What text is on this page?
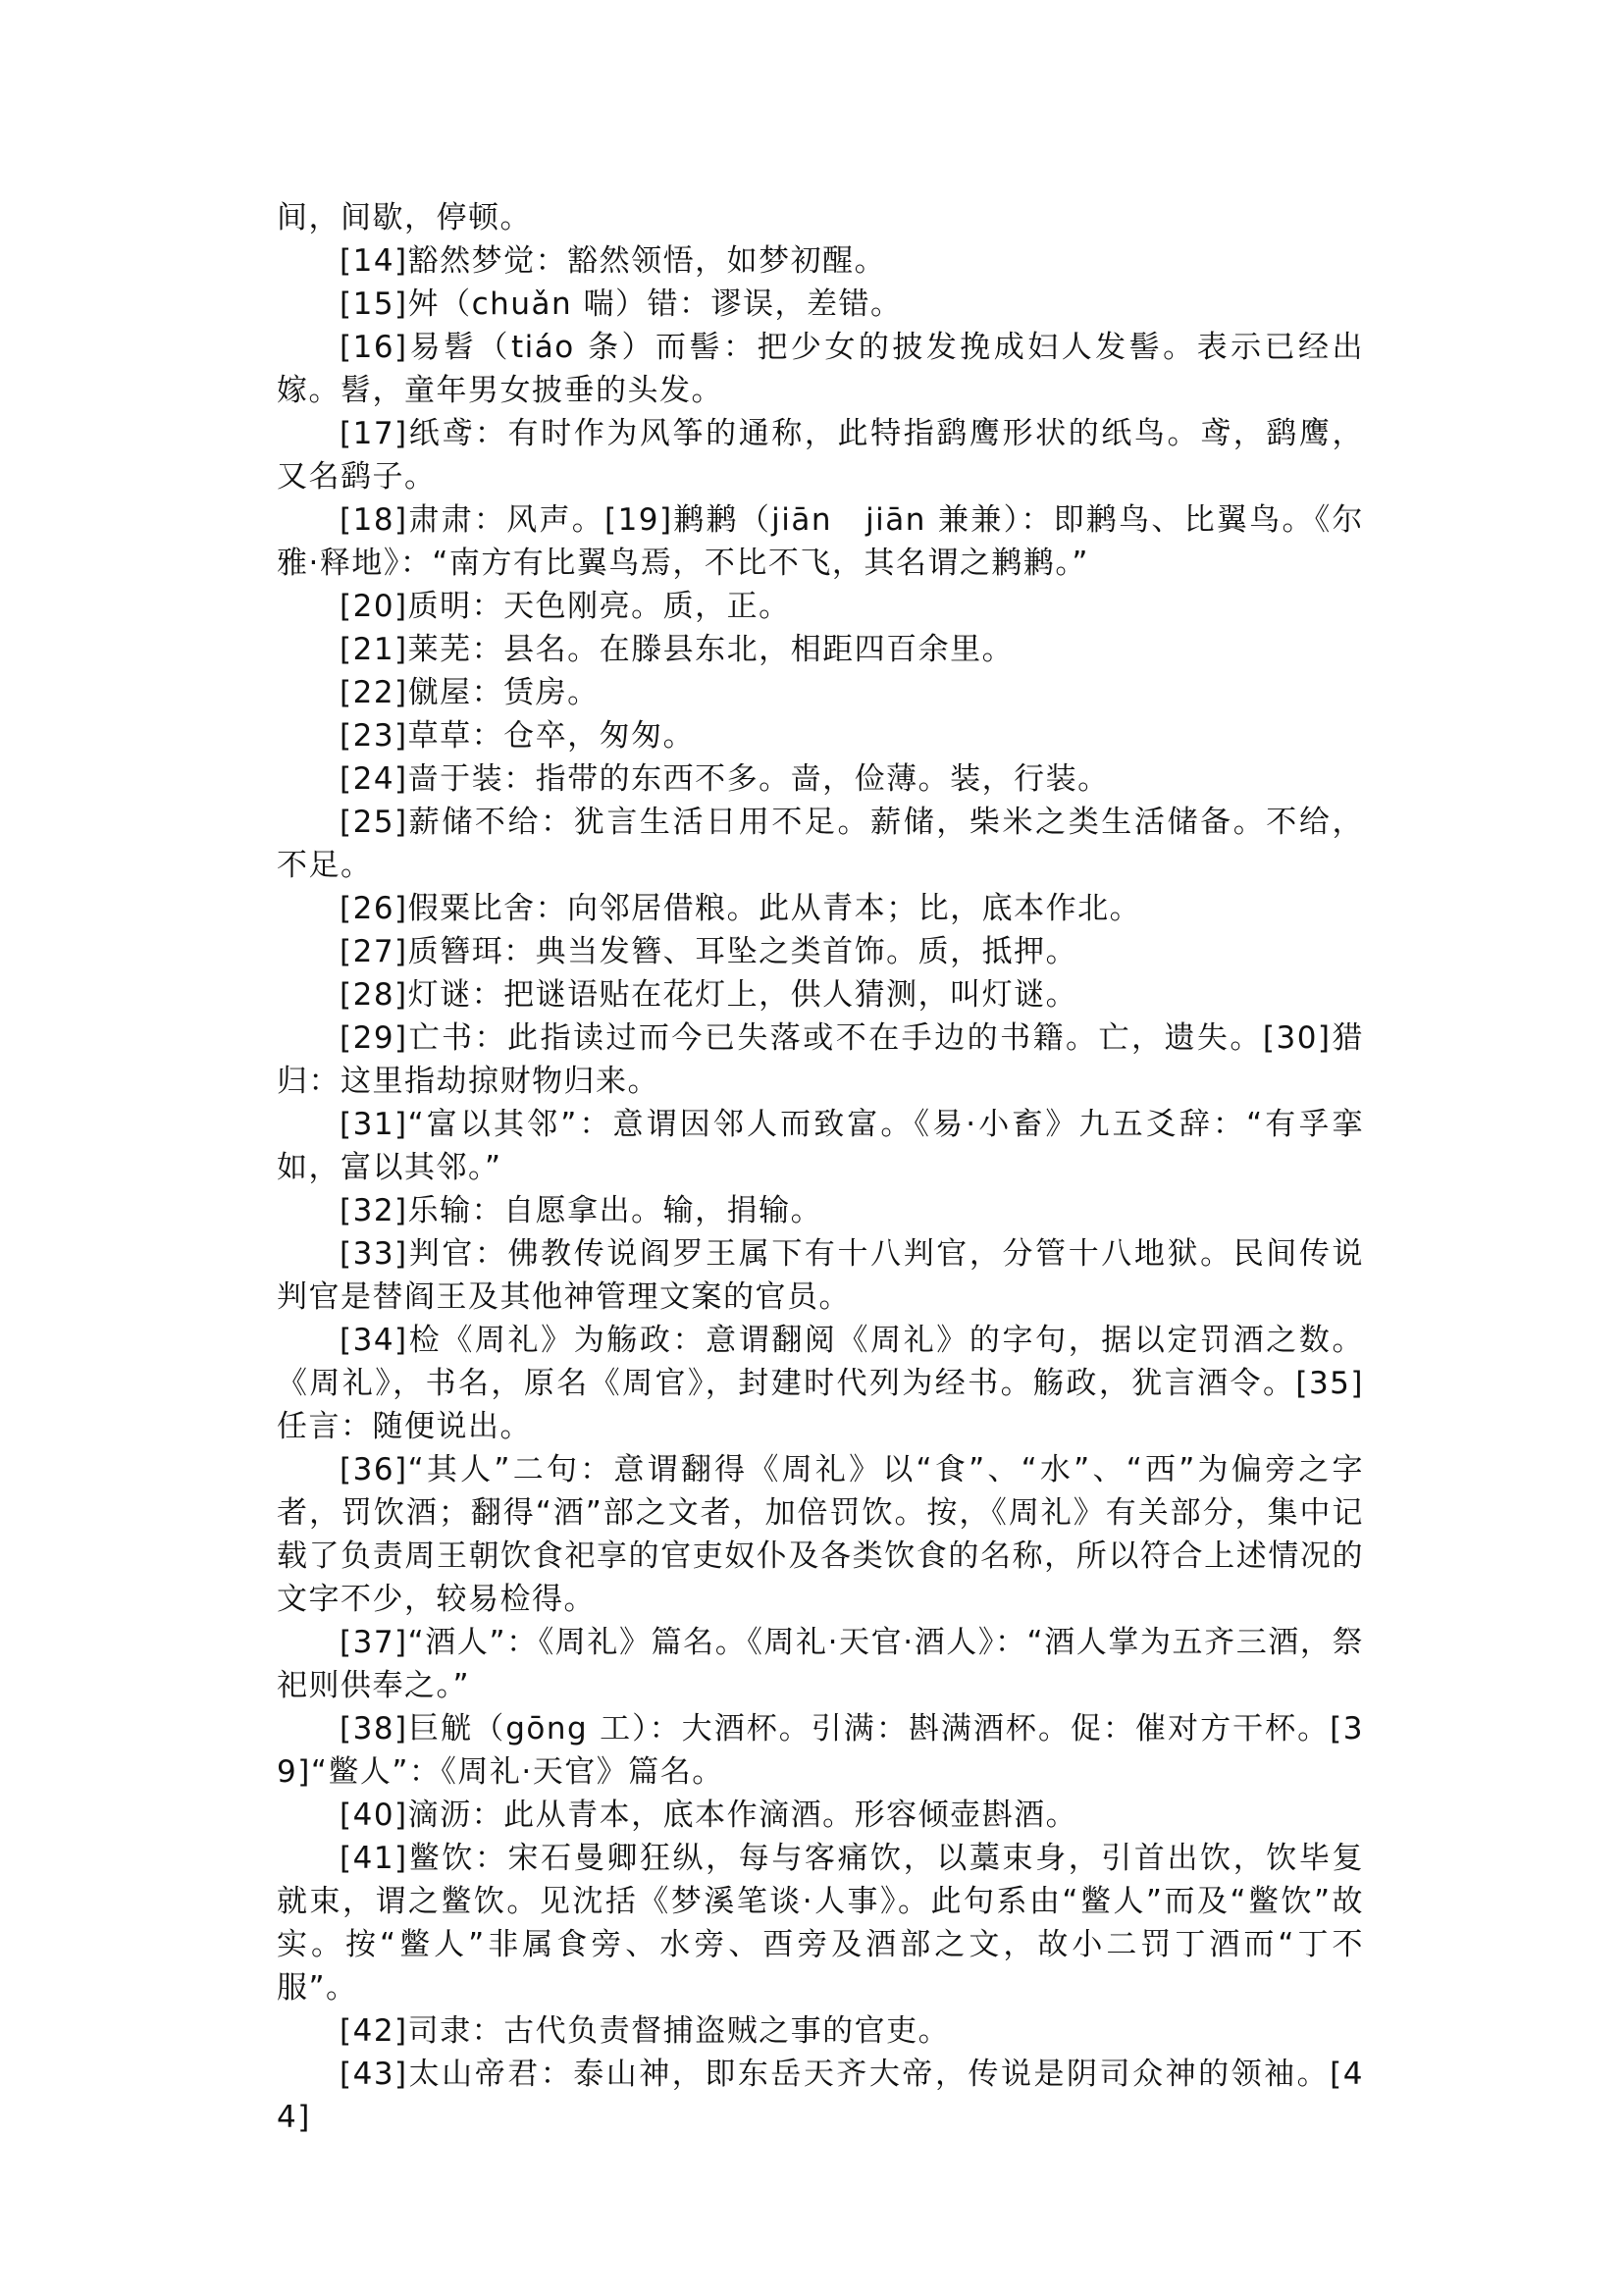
间，间歇，停顿。

[14]豁然梦觉：豁然领悟，如梦初醒。

[15]舛（chuǎn 喘）错：谬误，差错。

[16]易髫（tiáo 条）而髻：把少女的披发挽成妇人发髻。表示已经出嫁。髫，童年男女披垂的头发。

[17]纸鸢：有时作为风筝的通称，此特指鹞鹰形状的纸鸟。鸢，鹞鹰，又名鹞子。

[18]肃肃：风声。[19]鹣鹣（jiān　jiān 兼兼）：即鹣鸟、比翼鸟。《尔雅·释地》：“南方有比翼鸟焉，不比不飞，其名谓之鹣鹣。”

[20]质明：天色刚亮。质，正。

[21]莱芜：县名。在滕县东北，相距四百余里。

[22]僦屋：赁房。

[23]草草：仓卒，匆匆。

[24]啬于装：指带的东西不多。啬，俭薄。装，行装。

[25]薪储不给：犹言生活日用不足。薪储，柴米之类生活储备。不给，不足。

[26]假粟比舍：向邻居借粮。此从青本；比，底本作北。

[27]质簪珥：典当发簪、耳坠之类首饰。质，抵押。

[28]灯谜：把谜语贴在花灯上，供人猜测，叫灯谜。

[29]亡书：此指读过而今已失落或不在手边的书籍。亡，遗失。[30]猎归：这里指劫掠财物归来。

[31]“富以其邻”：意谓因邻人而致富。《易·小畜》九五爻辞：“有孚挛如，富以其邻。”

[32]乐输：自愿拿出。输，捐输。

[33]判官：佛教传说阎罗王属下有十八判官，分管十八地狱。民间传说判官是替阎王及其他神管理文案的官员。

[34]检《周礼》为觞政：意谓翻阅《周礼》的字句，据以定罚酒之数。《周礼》，书名，原名《周官》，封建时代列为经书。觞政，犹言酒令。[35]任言：随便说出。

[36]“其人”二句：意谓翻得《周礼》以“食”、“水”、“西”为偏旁之字者，罚饮酒；翻得“酒”部之文者，加倍罚饮。按，《周礼》有关部分，集中记载了负责周王朝饮食祀享的官吏奴仆及各类饮食的名称，所以符合上述情况的文字不少，较易检得。

[37]“酒人”：《周礼》篇名。《周礼·天官·酒人》：“酒人掌为五齐三酒，祭祀则供奉之。”

[38]巨觥（gōng 工）：大酒杯。引满：斟满酒杯。促：催对方干杯。[39]“鳖人”：《周礼·天官》篇名。

[40]滴沥：此从青本，底本作滴酒。形容倾壶斟酒。

[41]鳖饮：宋石曼卿狂纵，每与客痛饮，以藁束身，引首出饮，饮毕复就束，谓之鳖饮。见沈括《梦溪笔谈·人事》。此句系由“鳖人”而及“鳖饮”故实。按“鳖人”非属食旁、水旁、酉旁及酒部之文，故小二罚丁酒而“丁不服”。

[42]司隶：古代负责督捕盗贼之事的官吏。

[43]太山帝君：泰山神，即东岳天齐大帝，传说是阴司众神的领袖。[44]
